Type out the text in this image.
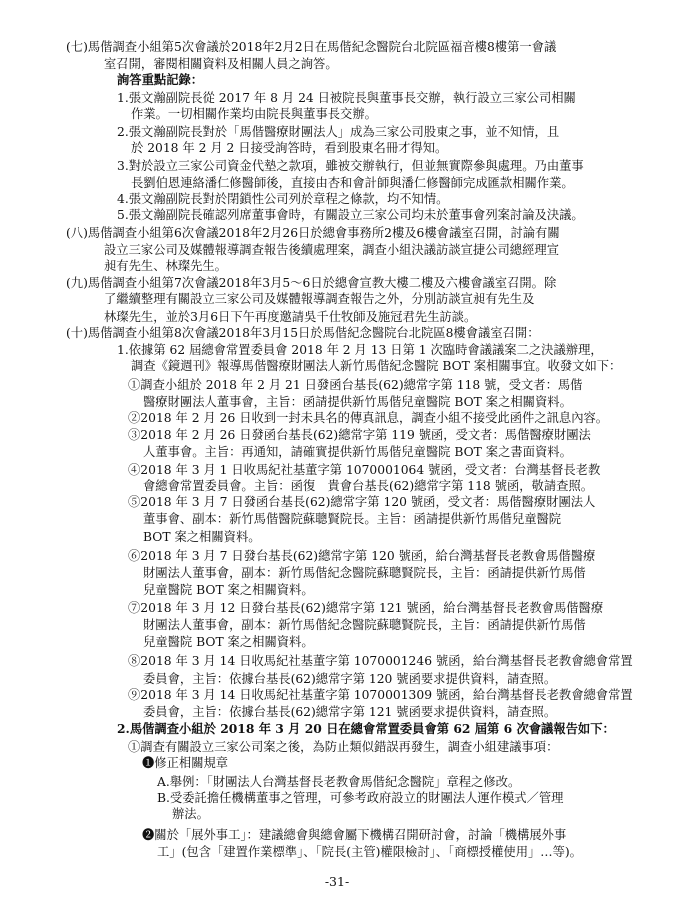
(七)馬偕調查小組第5次會議於2018年2月2日在馬偕紀念醫院台北院區福音樓8樓第一會議
室召開，審閱相關資料及相關人員之詢答。
詢答重點記錄：
1.張文瀚副院長從 2017 年 8 月 24 日被院長與董事長交辦，執行設立三家公司相關
作業。一切相關作業均由院長與董事長交辦。
2.張文瀚副院長對於「馬偕醫療財團法人」成為三家公司股東之事，並不知情，且
於 2018 年 2 月 2 日接受詢答時，看到股東名冊才得知。
3.對於設立三家公司資金代墊之款項，雖被交辦執行，但並無實際參與處理。乃由董事
長劉伯恩連絡潘仁修醫師後，直接由杏和會計師與潘仁修醫師完成匯款相關作業。
4.張文瀚副院長對於閉鎖性公司列於章程之條款，均不知情。
5.張文瀚副院長確認列席董事會時，有關設立三家公司均未於董事會列案討論及決議。
(八)馬偕調查小組第6次會議2018年2月26日於總會事務所2樓及6樓會議室召開，討論有關
設立三家公司及媒體報導調查報告後續處理案，調查小組決議訪談宣捷公司總經理宣
昶有先生、林璨先生。
(九)馬偕調查小組第7次會議2018年3月5～6日於總會宣教大樓二樓及六樓會議室召開。除
了繼續整理有關設立三家公司及媒體報導調查報告之外，分別訪談宣昶有先生及
林璨先生，並於3月6日下午再度邀請吳千仕牧師及施冠君先生訪談。
(十)馬偕調查小組第8次會議2018年3月15日於馬偕紀念醫院台北院區8樓會議室召開：
1.依據第 62 屆總會常置委員會 2018 年 2 月 13 日第 1 次臨時會議議案二之決議辦理，
調查《鏡週刊》報導馬偕醫療財團法人新竹馬偕紀念醫院 BOT 案相關事宜。收發文如下：
①調查小組於 2018 年 2 月 21 日發函台基長(62)總常字第 118 號，受文者：馬偕
醫療財團法人董事會，主旨：函請提供新竹馬偕兒童醫院 BOT 案之相關資料。
②2018 年 2 月 26 日收到一封未具名的傳真訊息，調查小組不接受此函件之訊息內容。
③2018 年 2 月 26 日發函台基長(62)總常字第 119 號函，受文者：馬偕醫療財團法
人董事會。主旨：再通知，請確實提供新竹馬偕兒童醫院 BOT 案之書面資料。
④2018 年 3 月 1 日收馬紀社基董字第 1070001064 號函，受文者：台灣基督長老教
會總會常置委員會。主旨：函復　貴會台基長(62)總常字第 118 號函，敬請查照。
⑤2018 年 3 月 7 日發函台基長(62)總常字第 120 號函，受文者：馬偕醫療財團法人
董事會、副本：新竹馬偕醫院蘇聰賢院長。主旨：函請提供新竹馬偕兒童醫院
BOT 案之相關資料。
⑥2018 年 3 月 7 日發台基長(62)總常字第 120 號函，給台灣基督長老教會馬偕醫療
財團法人董事會，副本：新竹馬偕紀念醫院蘇聰賢院長，主旨：函請提供新竹馬偕
兒童醫院 BOT 案之相關資料。
⑦2018 年 3 月 12 日發台基長(62)總常字第 121 號函，給台灣基督長老教會馬偕醫療
財團法人董事會，副本：新竹馬偕紀念醫院蘇聰賢院長，主旨：函請提供新竹馬偕
兒童醫院 BOT 案之相關資料。
⑧2018 年 3 月 14 日收馬紀社基董字第 1070001246 號函，給台灣基督長老教會總會常置
委員會，主旨：依據台基長(62)總常字第 120 號函要求提供資料，請查照。
⑨2018 年 3 月 14 日收馬紀社基董字第 1070001309 號函，給台灣基督長老教會總會常置
委員會，主旨：依據台基長(62)總常字第 121 號函要求提供資料，請查照。
2.馬偕調查小組於 2018 年 3 月 20 日在總會常置委員會第 62 屆第 6 次會議報告如下：
①調查有關設立三家公司案之後，為防止類似錯誤再發生，調查小組建議事項：
❶修正相關規章
A.舉例：「財團法人台灣基督長老教會馬偕紀念醫院」章程之修改。
B.受委託擔任機構董事之管理，可參考政府設立的財團法人運作模式／管理
辦法。
❷關於「展外事工」：建議總會與總會屬下機構召開研討會，討論「機構展外事
工」(包含「建置作業標準」、「院長(主管)權限檢討」、「商標授權使用」…等)。
-31-
